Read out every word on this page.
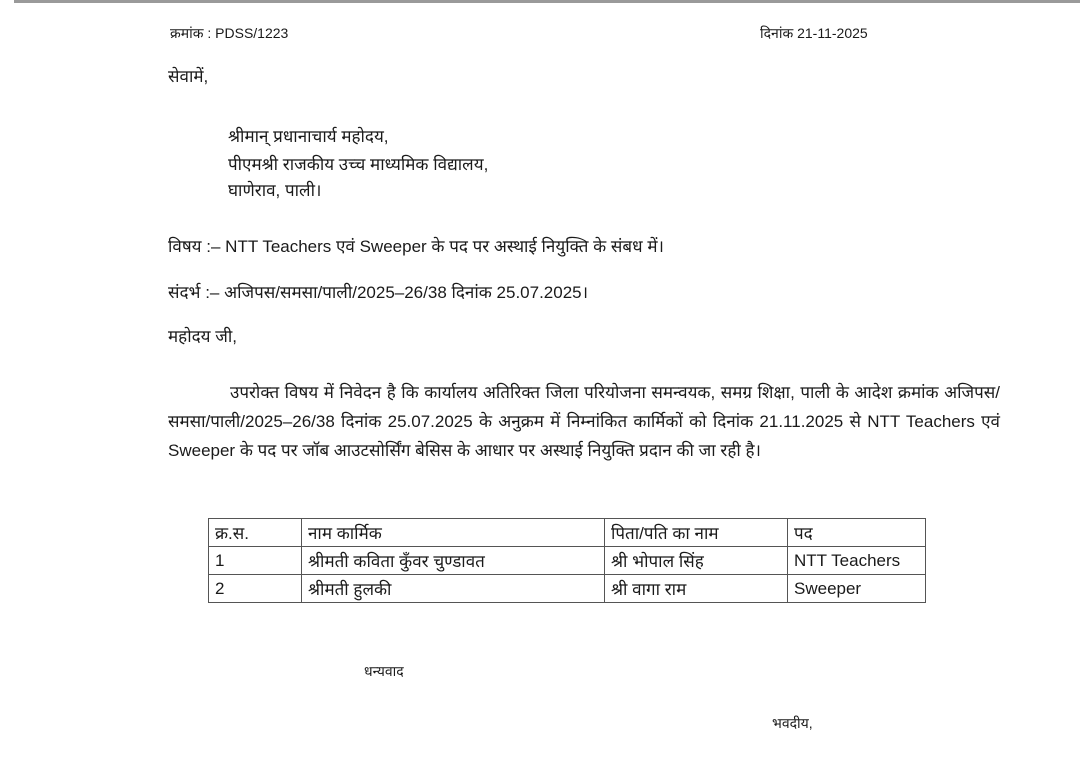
क्रमांक : PDSS/1223	दिनांक 21-11-2025
सेवामें,
श्रीमान् प्रधानाचार्य महोदय,
पीएमश्री राजकीय उच्च माध्यमिक विद्यालय,
घाणेराव, पाली।
विषय :– NTT Teachers एवं Sweeper के पद पर अस्थाई नियुक्ति के संबध में।
संदर्भ :– अजिपस/समसा/पाली/2025–26/38 दिनांक 25.07.2025।
महोदय जी,
उपरोक्त विषय में निवेदन है कि कार्यालय अतिरिक्त जिला परियोजना समन्वयक, समग्र शिक्षा, पाली के आदेश क्रमांक अजिपस/समसा/पाली/2025–26/38 दिनांक 25.07.2025 के अनुक्रम में निम्नांकित कार्मिकों को दिनांक 21.11.2025 से NTT Teachers एवं Sweeper के पद पर जॉब आउटसोर्सिंग बेसिस के आधार पर अस्थाई नियुक्ति प्रदान की जा रही है।
क्र.स.	नाम कार्मिक	पिता/पति का नाम	पद
1	श्रीमती कविता कुँवर चुण्डावत	श्री भोपाल सिंह	NTT Teachers
2	श्रीमती हुलकी	श्री वागा राम	Sweeper
धन्यवाद
भवदीय,
